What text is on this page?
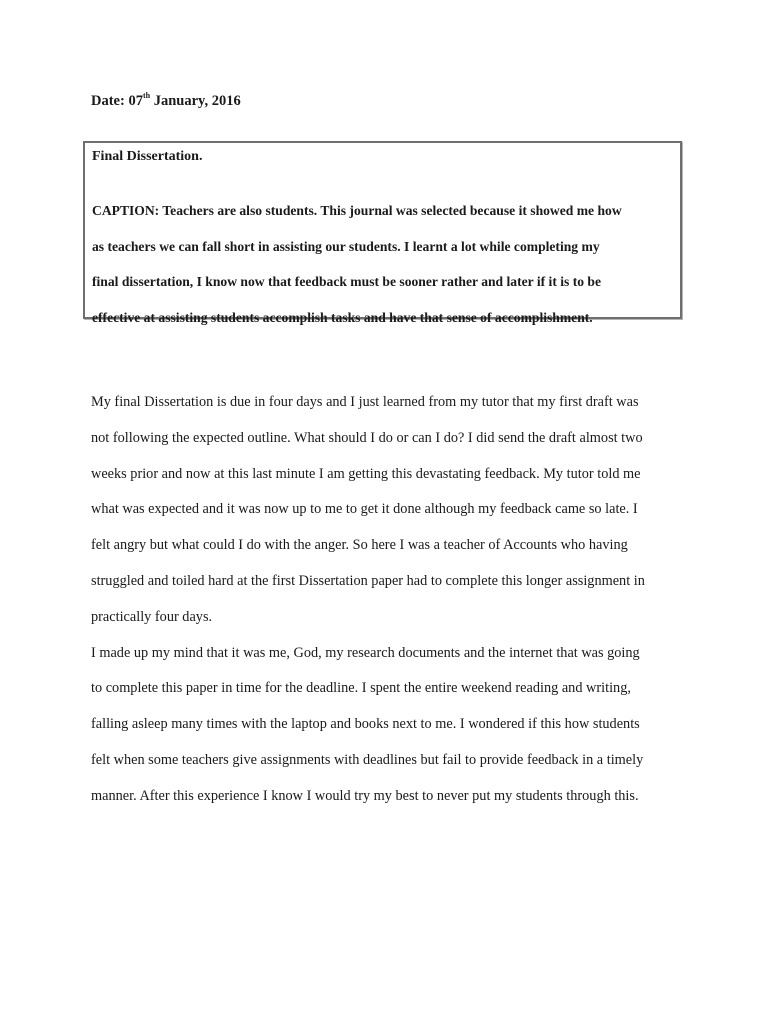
Date: 07th January, 2016
Final Dissertation.

CAPTION: Teachers are also students. This journal was selected because it showed me how
as teachers we can fall short in assisting our students. I learnt a lot while completing my
final dissertation, I know now that feedback must be sooner rather and later if it is to be
effective at assisting students accomplish tasks and have that sense of accomplishment.

My final Dissertation is due in four days and I just learned from my tutor that my first draft was
not following the expected outline. What should I do or can I do? I did send the draft almost two
weeks prior and now at this last minute I am getting this devastating feedback. My tutor told me
what was expected and it was now up to me to get it done although my feedback came so late. I
felt angry but what could I do with the anger. So here I was a teacher of Accounts who having
struggled and toiled hard at the first Dissertation paper had to complete this longer assignment in
practically four days.
I made up my mind that it was me, God, my research documents and the internet that was going
to complete this paper in time for the deadline. I spent the entire weekend reading and writing,
falling asleep many times with the laptop and books next to me. I wondered if this how students
felt when some teachers give assignments with deadlines but fail to provide feedback in a timely
manner. After this experience I know I would try my best to never put my students through this.
